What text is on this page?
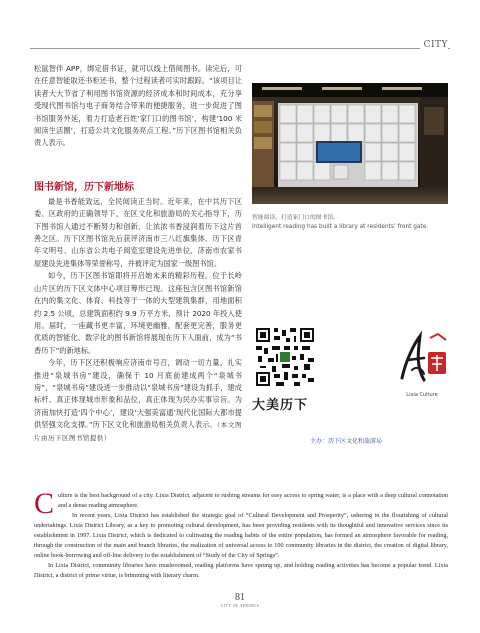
CITY

松鼠智伴 APP，绑定借书证，就可以线上借阅图书。读完后，可在任意智能取还书柜还书，整个过程读者可实时跟踪。“该项目让读者大大节省了利用图书馆资源的经济成本和时间成本，充分享受现代图书馆与电子商务结合带来的便捷服务，进一步促进了图书馆服务外延，着力打造老百姓‘家门口的图书馆’，构建‘100 米阅读生活圈’，打造公共文化服务亮点工程。”历下区图书馆相关负责人表示。

图书新馆，历下新地标

最是书香能致远，全民阅读正当时。近年来，在中共历下区委、区政府的正确领导下，在区文化和旅游局的关心指导下，历下图书馆人通过不断努力和创新，让浓浓书香浸润着历下这片首善之区。历下区图书馆先后获评济南市三八红旗集体、历下区青年文明号、山东省公共电子阅览室建设先进单位、济南市农家书屋建设先进集体等荣誉称号，并被评定为国家一级图书馆。

如今，历下区图书馆即将开启她未来的精彩历程。位于长岭山片区的历下区文体中心项目筹形已现。这座包含区图书馆新馆在内的集文化、体育、科技等于一体的大型建筑集群，用地面积约 2.5 公顷，总建筑面积约 9.9 万平方米，预计 2020 年投入使用。届时，一座藏书更丰富，环境更幽雅，配套更完善，服务更优质的智能化、数字化的图书新馆将展现在历下人面前，成为“书香历下”的新地标。

今年，历下区还积极响应济南市号召，调动一切力量，扎实推进“泉城书房”建设，确保于 10 月底前建成两个“泉城书房”，“泉城书房”建设进一步推动以“泉城书房”建设为抓手，建成标杆、真正体现城市形象和品位，真正体现为民办实事宗旨。为济南加快打造‘四个中心’，建设‘大强美富通’现代化国际大都市提供坚强文化支撑。”历下区文化和旅游局相关负责人表示。（本文图片由历下区图书馆提供）

智能阅读，打造家门口的图书馆。
Intelligent reading has built a library at residents’ front gate.
大美历下
Lixia Culture
主办：历下区文化和旅游局
C ulture is the best background of a city. Lixia District, adjacent to rushing streams for easy access to spring water, is a place with a deep cultural connotation and a dense reading atmosphere.

In recent years, Lixia District has established the strategic goal of “Cultural Development and Prosperity”, ushering in the flourishing of cultural undertakings. Lixia District Library, as a key to promoting cultural development, has been providing residents with its thoughtful and innovative services since its establishment in 1997. Lixia District, which is dedicated to cultivating the reading habits of the entire population, has formed an atmosphere favorable for reading, through the construction of the main and branch libraries, the realization of universal access to 100 community libraries in the district, the creation of digital library, online book-borrowing and off-line delivery to the establishment of “Study of the City of Springs”.

In Lixia District, community libraries have mushroomed, reading platforms have sprung up, and holding reading activities has become a popular trend. Lixia District, a district of prime virtue, is brimming with literary charm.

81
CITY OF SPRINGS
